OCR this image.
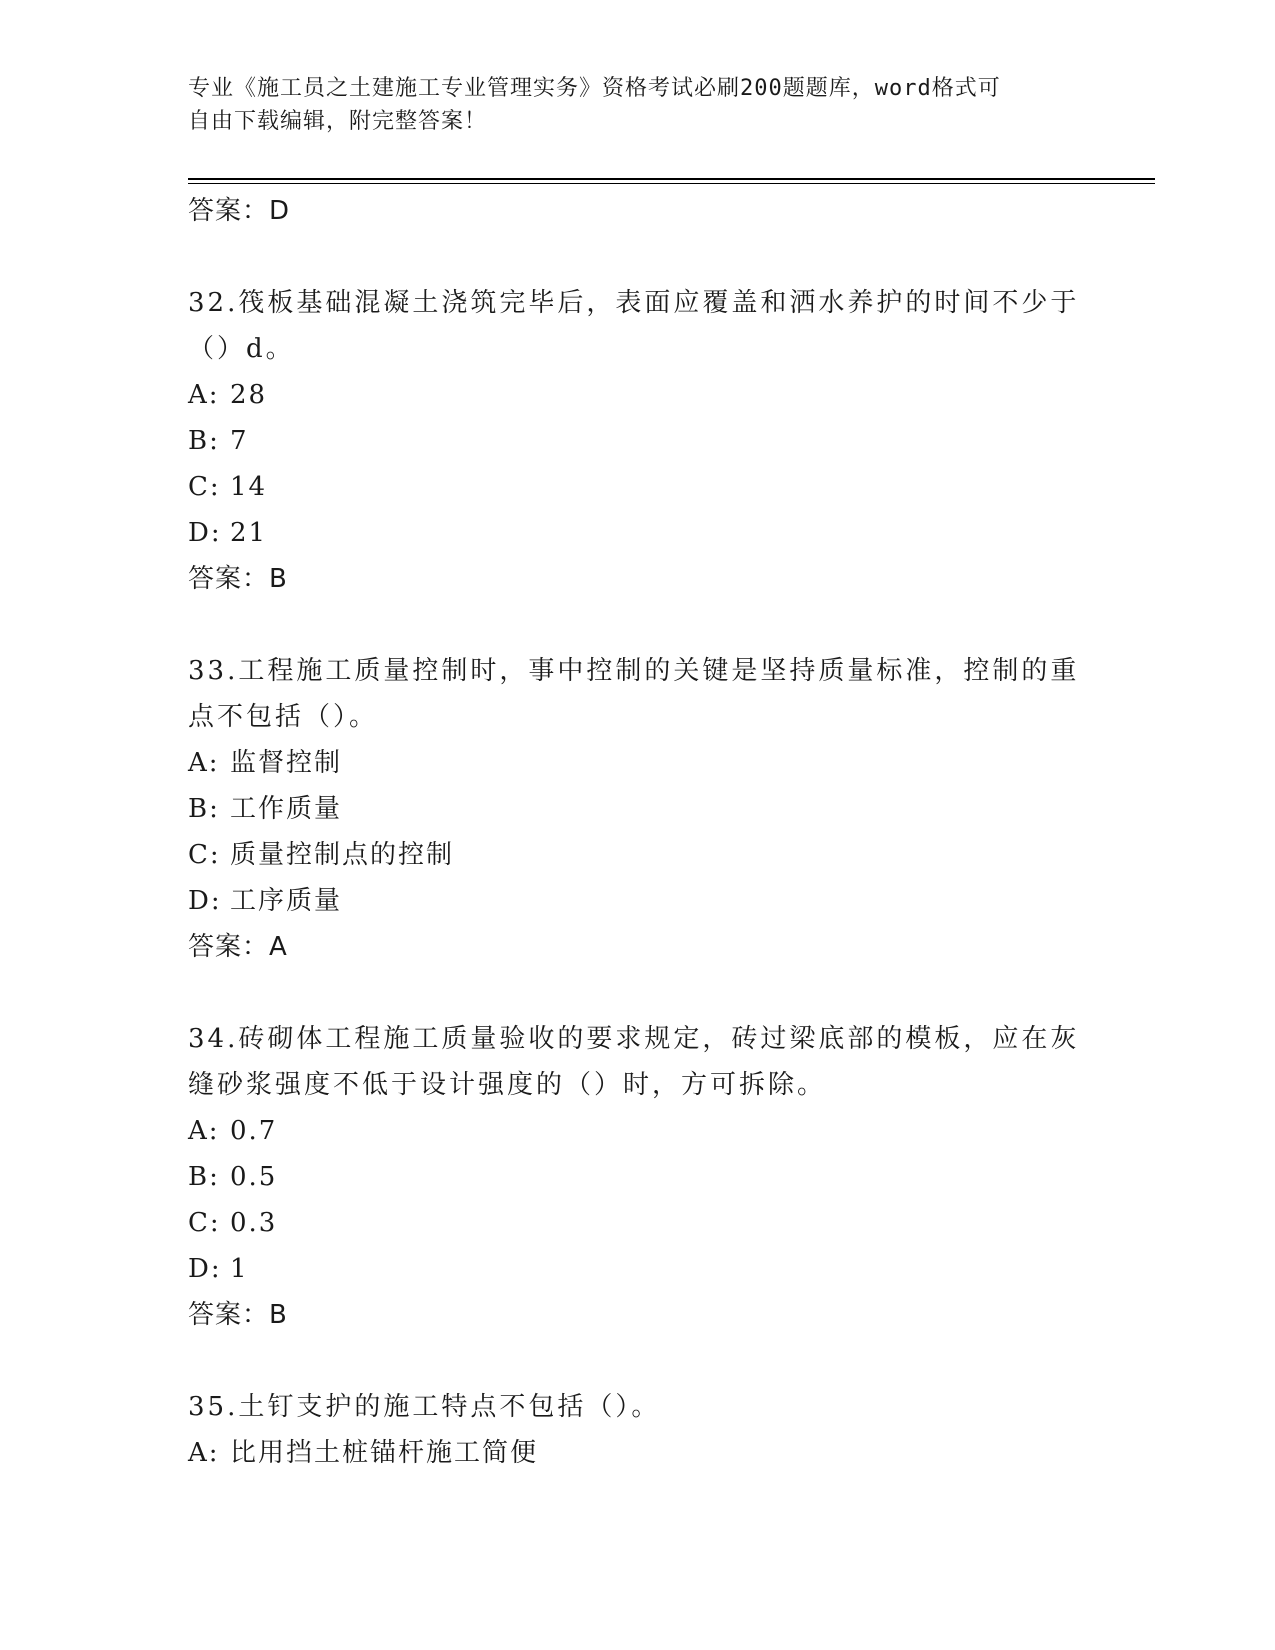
专业《施工员之土建施工专业管理实务》资格考试必刷200题题库，word格式可
自由下载编辑，附完整答案！
答案：D

32.筏板基础混凝土浇筑完毕后，表面应覆盖和洒水养护的时间不少于（）d。

A: 28
B: 7
C: 14
D: 21
答案：B

33.工程施工质量控制时，事中控制的关键是坚持质量标准，控制的重点不包括（）。

A: 监督控制
B: 工作质量
C: 质量控制点的控制
D: 工序质量
答案：A

34.砖砌体工程施工质量验收的要求规定，砖过梁底部的模板，应在灰缝砂浆强度不低于设计强度的（）时，方可拆除。

A: 0.7
B: 0.5
C: 0.3
D: 1
答案：B

35.土钉支护的施工特点不包括（）。

A: 比用挡土桩锚杆施工简便
